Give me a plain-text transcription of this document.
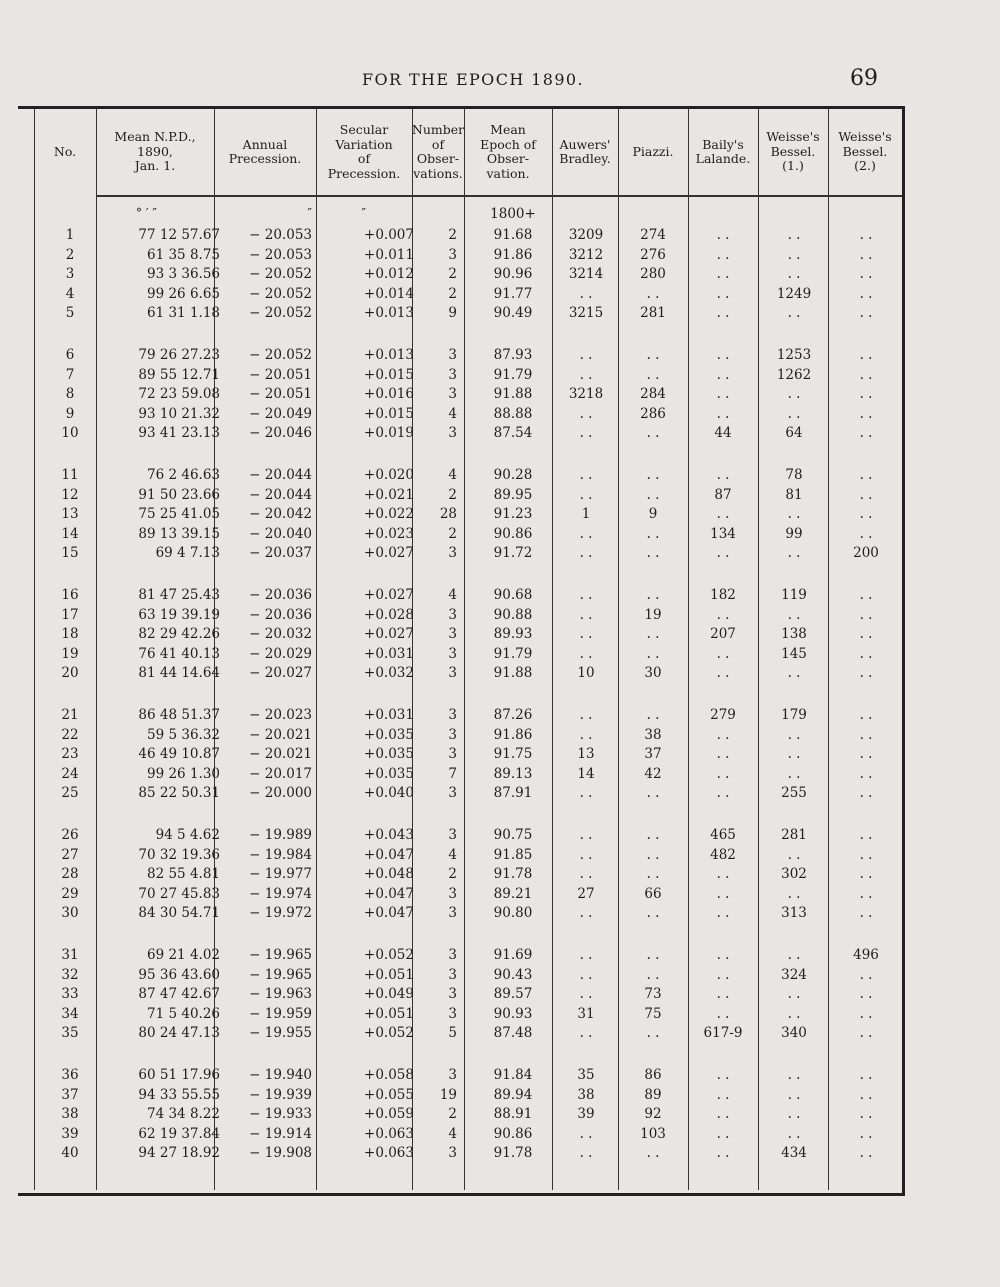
FOR THE EPOCH 1890.	69
No.
Mean N.P.D.,
1890,
Jan. 1.
Annual
Precession.
Secular
Variation
of
Precession.
Number
of
Obser-
vations.
Mean
Epoch of
Obser-
vation.
Auwers'
Bradley.	Piazzi.	Baily's
Lalande.
Weisse's
Bessel.
(1.)
Weisse's
Bessel.
(2.)
° ′ ″	″	″	1800+
1	77 12 57.67	− 20.053	+0.007	2	91.68	3209	274	. .	. .	. .
2	61 35 8.75	− 20.053	+0.011	3	91.86	3212	276	. .	. .	. .
3	93 3 36.56	− 20.052	+0.012	2	90.96	3214	280	. .	. .	. .
4	99 26 6.65	− 20.052	+0.014	2	91.77	. .	. .	. .	1249	. .
5	61 31 1.18	− 20.052	+0.013	9	90.49	3215	281	. .	. .	. .
6	79 26 27.23	− 20.052	+0.013	3	87.93	. .	. .	. .	1253	. .
7	89 55 12.71	− 20.051	+0.015	3	91.79	. .	. .	. .	1262	. .
8	72 23 59.08	− 20.051	+0.016	3	91.88	3218	284	. .	. .	. .
9	93 10 21.32	− 20.049	+0.015	4	88.88	. .	286	. .	. .	. .
10	93 41 23.13	− 20.046	+0.019	3	87.54	. .	. .	44	64	. .
11	76 2 46.63	− 20.044	+0.020	4	90.28	. .	. .	. .	78	. .
12	91 50 23.66	− 20.044	+0.021	2	89.95	. .	. .	87	81	. .
13	75 25 41.05	− 20.042	+0.022	28	91.23	1	9	. .	. .	. .
14	89 13 39.15	− 20.040	+0.023	2	90.86	. .	. .	134	99	. .
15	69 4 7.13	− 20.037	+0.027	3	91.72	. .	. .	. .	. .	200
16	81 47 25.43	− 20.036	+0.027	4	90.68	. .	. .	182	119	. .
17	63 19 39.19	− 20.036	+0.028	3	90.88	. .	19	. .	. .	. .
18	82 29 42.26	− 20.032	+0.027	3	89.93	. .	. .	207	138	. .
19	76 41 40.13	− 20.029	+0.031	3	91.79	. .	. .	. .	145	. .
20	81 44 14.64	− 20.027	+0.032	3	91.88	10	30	. .	. .	. .
21	86 48 51.37	− 20.023	+0.031	3	87.26	. .	. .	279	179	. .
22	59 5 36.32	− 20.021	+0.035	3	91.86	. .	38	. .	. .	. .
23	46 49 10.87	− 20.021	+0.035	3	91.75	13	37	. .	. .	. .
24	99 26 1.30	− 20.017	+0.035	7	89.13	14	42	. .	. .	. .
25	85 22 50.31	− 20.000	+0.040	3	87.91	. .	. .	. .	255	. .
26	94 5 4.62	− 19.989	+0.043	3	90.75	. .	. .	465	281	. .
27	70 32 19.36	− 19.984	+0.047	4	91.85	. .	. .	482	. .	. .
28	82 55 4.81	− 19.977	+0.048	2	91.78	. .	. .	. .	302	. .
29	70 27 45.83	− 19.974	+0.047	3	89.21	27	66	. .	. .	. .
30	84 30 54.71	− 19.972	+0.047	3	90.80	. .	. .	. .	313	. .
31	69 21 4.02	− 19.965	+0.052	3	91.69	. .	. .	. .	. .	496
32	95 36 43.60	− 19.965	+0.051	3	90.43	. .	. .	. .	324	. .
33	87 47 42.67	− 19.963	+0.049	3	89.57	. .	73	. .	. .	. .
34	71 5 40.26	− 19.959	+0.051	3	90.93	31	75	. .	. .	. .
35	80 24 47.13	− 19.955	+0.052	5	87.48	. .	. .	617-9	340	. .
36	60 51 17.96	− 19.940	+0.058	3	91.84	35	86	. .	. .	. .
37	94 33 55.55	− 19.939	+0.055	19	89.94	38	89	. .	. .	. .
38	74 34 8.22	− 19.933	+0.059	2	88.91	39	92	. .	. .	. .
39	62 19 37.84	− 19.914	+0.063	4	90.86	. .	103	. .	. .	. .
40	94 27 18.92	− 19.908	+0.063	3	91.78	. .	. .	. .	434	. .
